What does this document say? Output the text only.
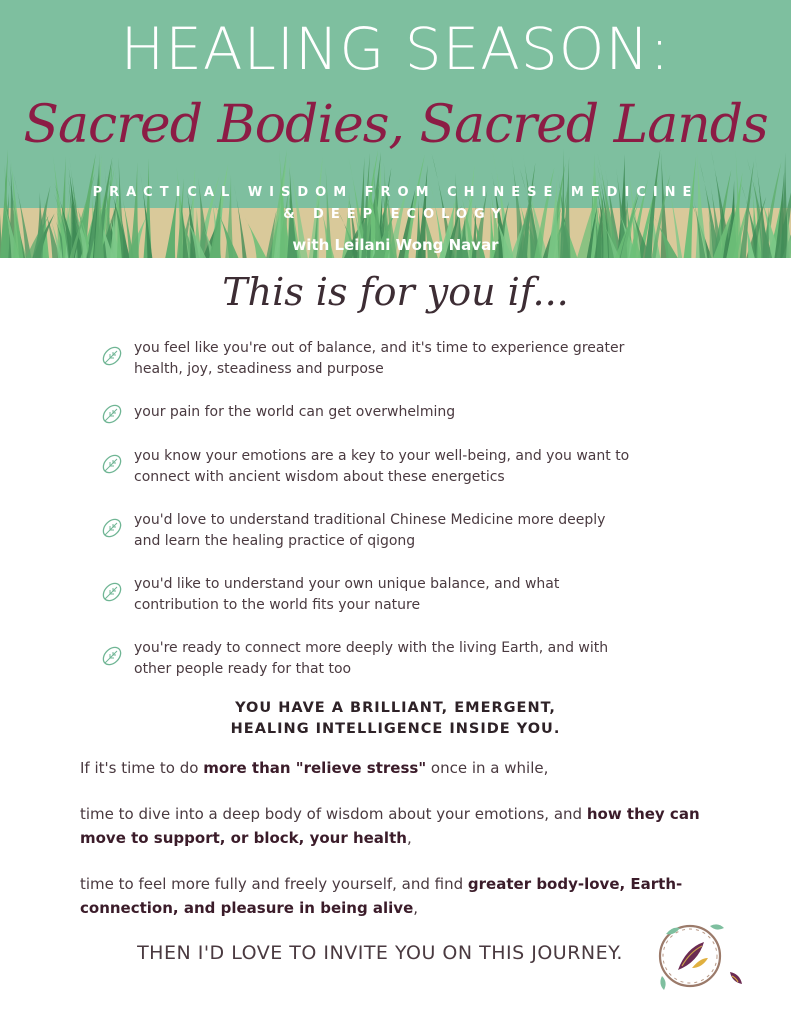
HEALING SEASON:
Sacred Bodies, Sacred Lands
PRACTICAL WISDOM FROM CHINESE MEDICINE
& DEEP ECOLOGY
with Leilani Wong Navar
This is for you if...
you feel like you're out of balance, and it's time to experience greater
health, joy, steadiness and purpose
your pain for the world can get overwhelming
you know your emotions are a key to your well-being, and you want to
connect with ancient wisdom about these energetics
you'd love to understand traditional Chinese Medicine more deeply
and learn the healing practice of qigong
you'd like to understand your own unique balance, and what
contribution to the world fits your nature
you're ready to connect more deeply with the living Earth, and with
other people ready for that too
YOU HAVE A BRILLIANT, EMERGENT,
HEALING INTELLIGENCE INSIDE YOU.
If it's time to do more than "relieve stress" once in a while,
time to dive into a deep body of wisdom about your emotions, and how they can move to support, or block, your health,
time to feel more fully and freely yourself, and find greater body-love, Earth-connection, and pleasure in being alive,
THEN I'D LOVE TO INVITE YOU ON THIS JOURNEY.
